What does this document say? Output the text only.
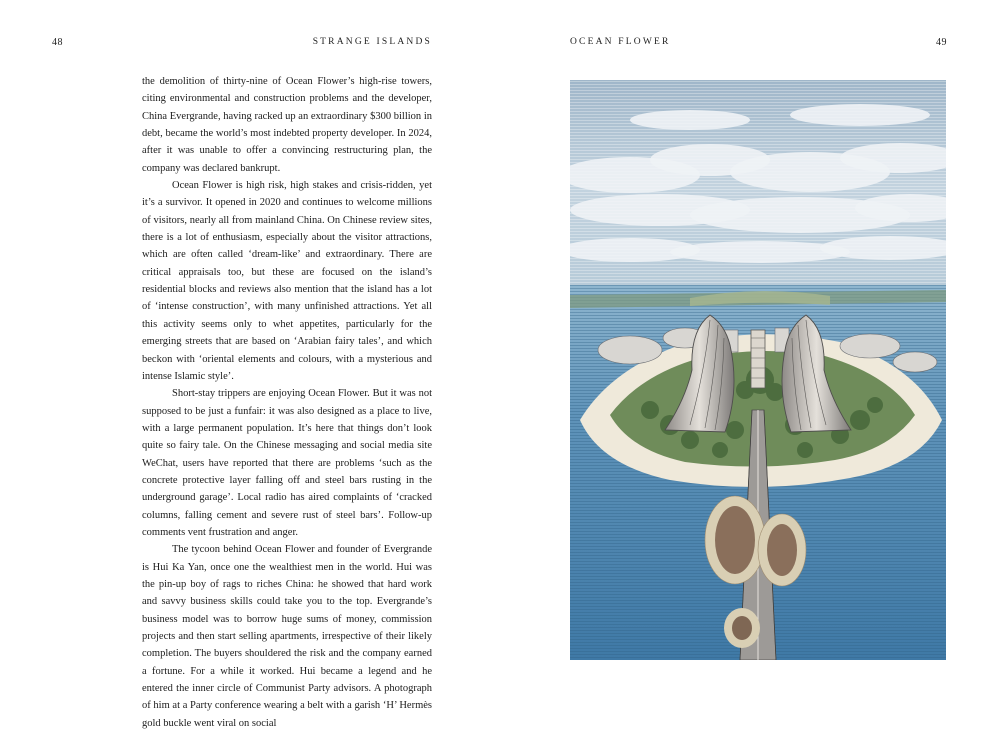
48	STRANGE ISLANDS

the demolition of thirty-nine of Ocean Flower’s high-rise towers, citing environmental and construction problems and the developer, China Evergrande, having racked up an extraordinary $300 billion in debt, became the world’s most indebted property developer. In 2024, after it was unable to offer a convincing restructuring plan, the company was declared bankrupt.

Ocean Flower is high risk, high stakes and crisis-ridden, yet it’s a survivor. It opened in 2020 and continues to welcome millions of visitors, nearly all from mainland China. On Chinese review sites, there is a lot of enthusiasm, especially about the visitor attractions, which are often called ‘dream-like’ and extraordinary. There are critical appraisals too, but these are focused on the island’s residential blocks and reviews also mention that the island has a lot of ‘intense construction’, with many unfinished attractions. Yet all this activity seems only to whet appetites, particularly for the emerging streets that are based on ‘Arabian fairy tales’, and which beckon with ‘oriental elements and colours, with a mysterious and intense Islamic style’.

Short-stay trippers are enjoying Ocean Flower. But it was not supposed to be just a funfair: it was also designed as a place to live, with a large permanent population. It’s here that things don’t look quite so fairy tale. On the Chinese messaging and social media site WeChat, users have reported that there are problems ‘such as the concrete protective layer falling off and steel bars rusting in the underground garage’. Local radio has aired complaints of ‘cracked columns, falling cement and severe rust of steel bars’. Follow-up comments vent frustration and anger.

The tycoon behind Ocean Flower and founder of Evergrande is Hui Ka Yan, once one the wealthiest men in the world. Hui was the pin-up boy of rags to riches China: he showed that hard work and savvy business skills could take you to the top. Evergrande’s business model was to borrow huge sums of money, commission projects and then start selling apartments, irrespective of their likely completion. The buyers shouldered the risk and the company earned a fortune. For a while it worked. Hui became a legend and he entered the inner circle of Communist Party advisors. A photograph of him at a Party conference wearing a belt with a garish ‘H’ Hermès gold buckle went viral on social

OCEAN FLOWER	49
